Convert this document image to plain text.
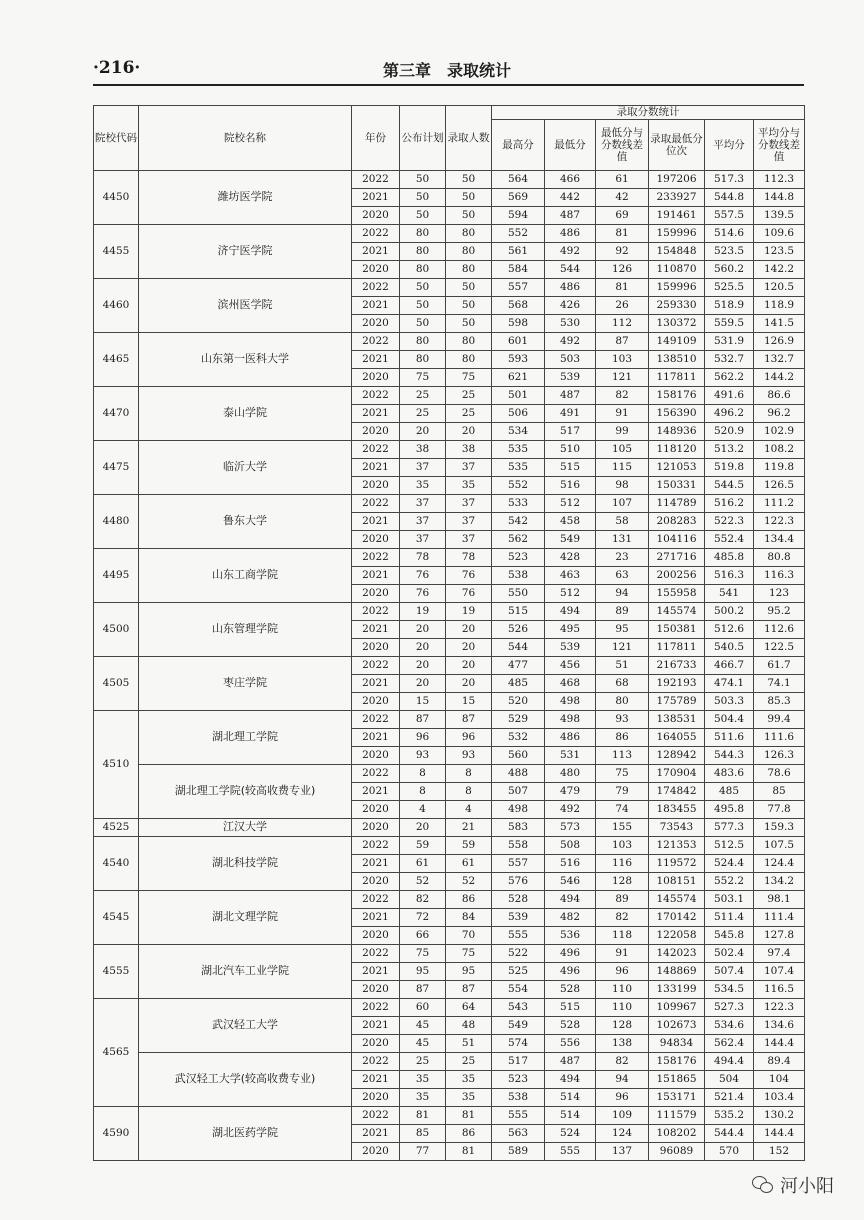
·216·	第三章　录取统计
院校代码	院校名称	年份	公布计划	录取人数	录取分数统计					
					最高分	最低分	最低分与分数线差值	录取最低分位次	平均分	平均分与分数线差值
4450	潍坊医学院	2022	50	50	564	466	61	197206	517.3	112.3
		2021	50	50	569	442	42	233927	544.8	144.8
		2020	50	50	594	487	69	191461	557.5	139.5
4455	济宁医学院	2022	80	80	552	486	81	159996	514.6	109.6
		2021	80	80	561	492	92	154848	523.5	123.5
		2020	80	80	584	544	126	110870	560.2	142.2
4460	滨州医学院	2022	50	50	557	486	81	159996	525.5	120.5
		2021	50	50	568	426	26	259330	518.9	118.9
		2020	50	50	598	530	112	130372	559.5	141.5
4465	山东第一医科大学	2022	80	80	601	492	87	149109	531.9	126.9
		2021	80	80	593	503	103	138510	532.7	132.7
		2020	75	75	621	539	121	117811	562.2	144.2
4470	泰山学院	2022	25	25	501	487	82	158176	491.6	86.6
		2021	25	25	506	491	91	156390	496.2	96.2
		2020	20	20	534	517	99	148936	520.9	102.9
4475	临沂大学	2022	38	38	535	510	105	118120	513.2	108.2
		2021	37	37	535	515	115	121053	519.8	119.8
		2020	35	35	552	516	98	150331	544.5	126.5
4480	鲁东大学	2022	37	37	533	512	107	114789	516.2	111.2
		2021	37	37	542	458	58	208283	522.3	122.3
		2020	37	37	562	549	131	104116	552.4	134.4
4495	山东工商学院	2022	78	78	523	428	23	271716	485.8	80.8
		2021	76	76	538	463	63	200256	516.3	116.3
		2020	76	76	550	512	94	155958	541	123
4500	山东管理学院	2022	19	19	515	494	89	145574	500.2	95.2
		2021	20	20	526	495	95	150381	512.6	112.6
		2020	20	20	544	539	121	117811	540.5	122.5
4505	枣庄学院	2022	20	20	477	456	51	216733	466.7	61.7
		2021	20	20	485	468	68	192193	474.1	74.1
		2020	15	15	520	498	80	175789	503.3	85.3
4510	湖北理工学院	2022	87	87	529	498	93	138531	504.4	99.4
		2021	96	96	532	486	86	164055	511.6	111.6
		2020	93	93	560	531	113	128942	544.3	126.3
	湖北理工学院(较高收费专业)	2022	8	8	488	480	75	170904	483.6	78.6
		2021	8	8	507	479	79	174842	485	85
		2020	4	4	498	492	74	183455	495.8	77.8
4525	江汉大学	2020	20	21	583	573	155	73543	577.3	159.3
4540	湖北科技学院	2022	59	59	558	508	103	121353	512.5	107.5
		2021	61	61	557	516	116	119572	524.4	124.4
		2020	52	52	576	546	128	108151	552.2	134.2
4545	湖北文理学院	2022	82	86	528	494	89	145574	503.1	98.1
		2021	72	84	539	482	82	170142	511.4	111.4
		2020	66	70	555	536	118	122058	545.8	127.8
4555	湖北汽车工业学院	2022	75	75	522	496	91	142023	502.4	97.4
		2021	95	95	525	496	96	148869	507.4	107.4
		2020	87	87	554	528	110	133199	534.5	116.5
4565	武汉轻工大学	2022	60	64	543	515	110	109967	527.3	122.3
		2021	45	48	549	528	128	102673	534.6	134.6
		2020	45	51	574	556	138	94834	562.4	144.4
	武汉轻工大学(较高收费专业)	2022	25	25	517	487	82	158176	494.4	89.4
		2021	35	35	523	494	94	151865	504	104
		2020	35	35	538	514	96	153171	521.4	103.4
4590	湖北医药学院	2022	81	81	555	514	109	111579	535.2	130.2
		2021	85	86	563	524	124	108202	544.4	144.4
		2020	77	81	589	555	137	96089	570	152
河小阳
